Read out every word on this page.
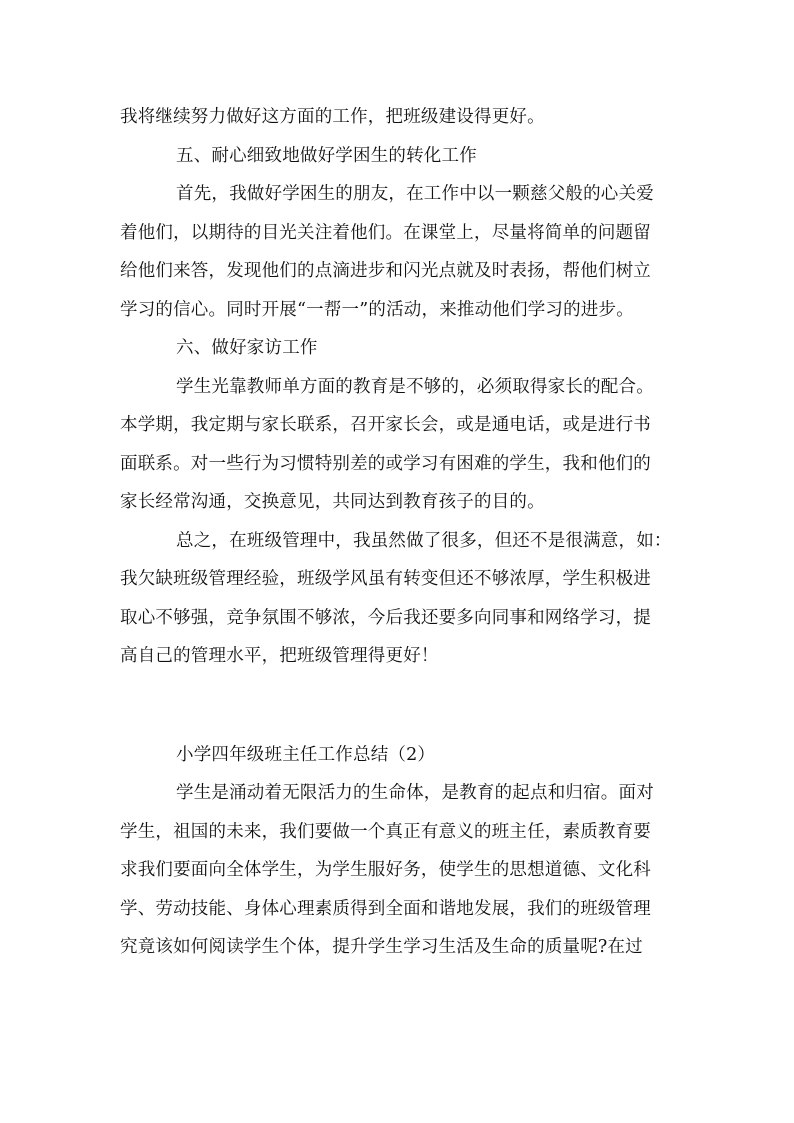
我将继续努力做好这方面的工作，把班级建设得更好。
五、耐心细致地做好学困生的转化工作
首先，我做好学困生的朋友，在工作中以一颗慈父般的心关爱
着他们，以期待的目光关注着他们。在课堂上，尽量将简单的问题留
给他们来答，发现他们的点滴进步和闪光点就及时表扬，帮他们树立
学习的信心。同时开展“一帮一”的活动，来推动他们学习的进步。
六、做好家访工作
学生光靠教师单方面的教育是不够的，必须取得家长的配合。
本学期，我定期与家长联系，召开家长会，或是通电话，或是进行书
面联系。对一些行为习惯特别差的或学习有困难的学生，我和他们的
家长经常沟通，交换意见，共同达到教育孩子的目的。
总之，在班级管理中，我虽然做了很多，但还不是很满意，如：
我欠缺班级管理经验，班级学风虽有转变但还不够浓厚，学生积极进
取心不够强，竞争氛围不够浓，今后我还要多向同事和网络学习，提
高自己的管理水平，把班级管理得更好！
小学四年级班主任工作总结（2）
学生是涌动着无限活力的生命体，是教育的起点和归宿。面对
学生，祖国的未来，我们要做一个真正有意义的班主任，素质教育要
求我们要面向全体学生，为学生服好务，使学生的思想道德、文化科
学、劳动技能、身体心理素质得到全面和谐地发展，我们的班级管理
究竟该如何阅读学生个体，提升学生学习生活及生命的质量呢?在过
